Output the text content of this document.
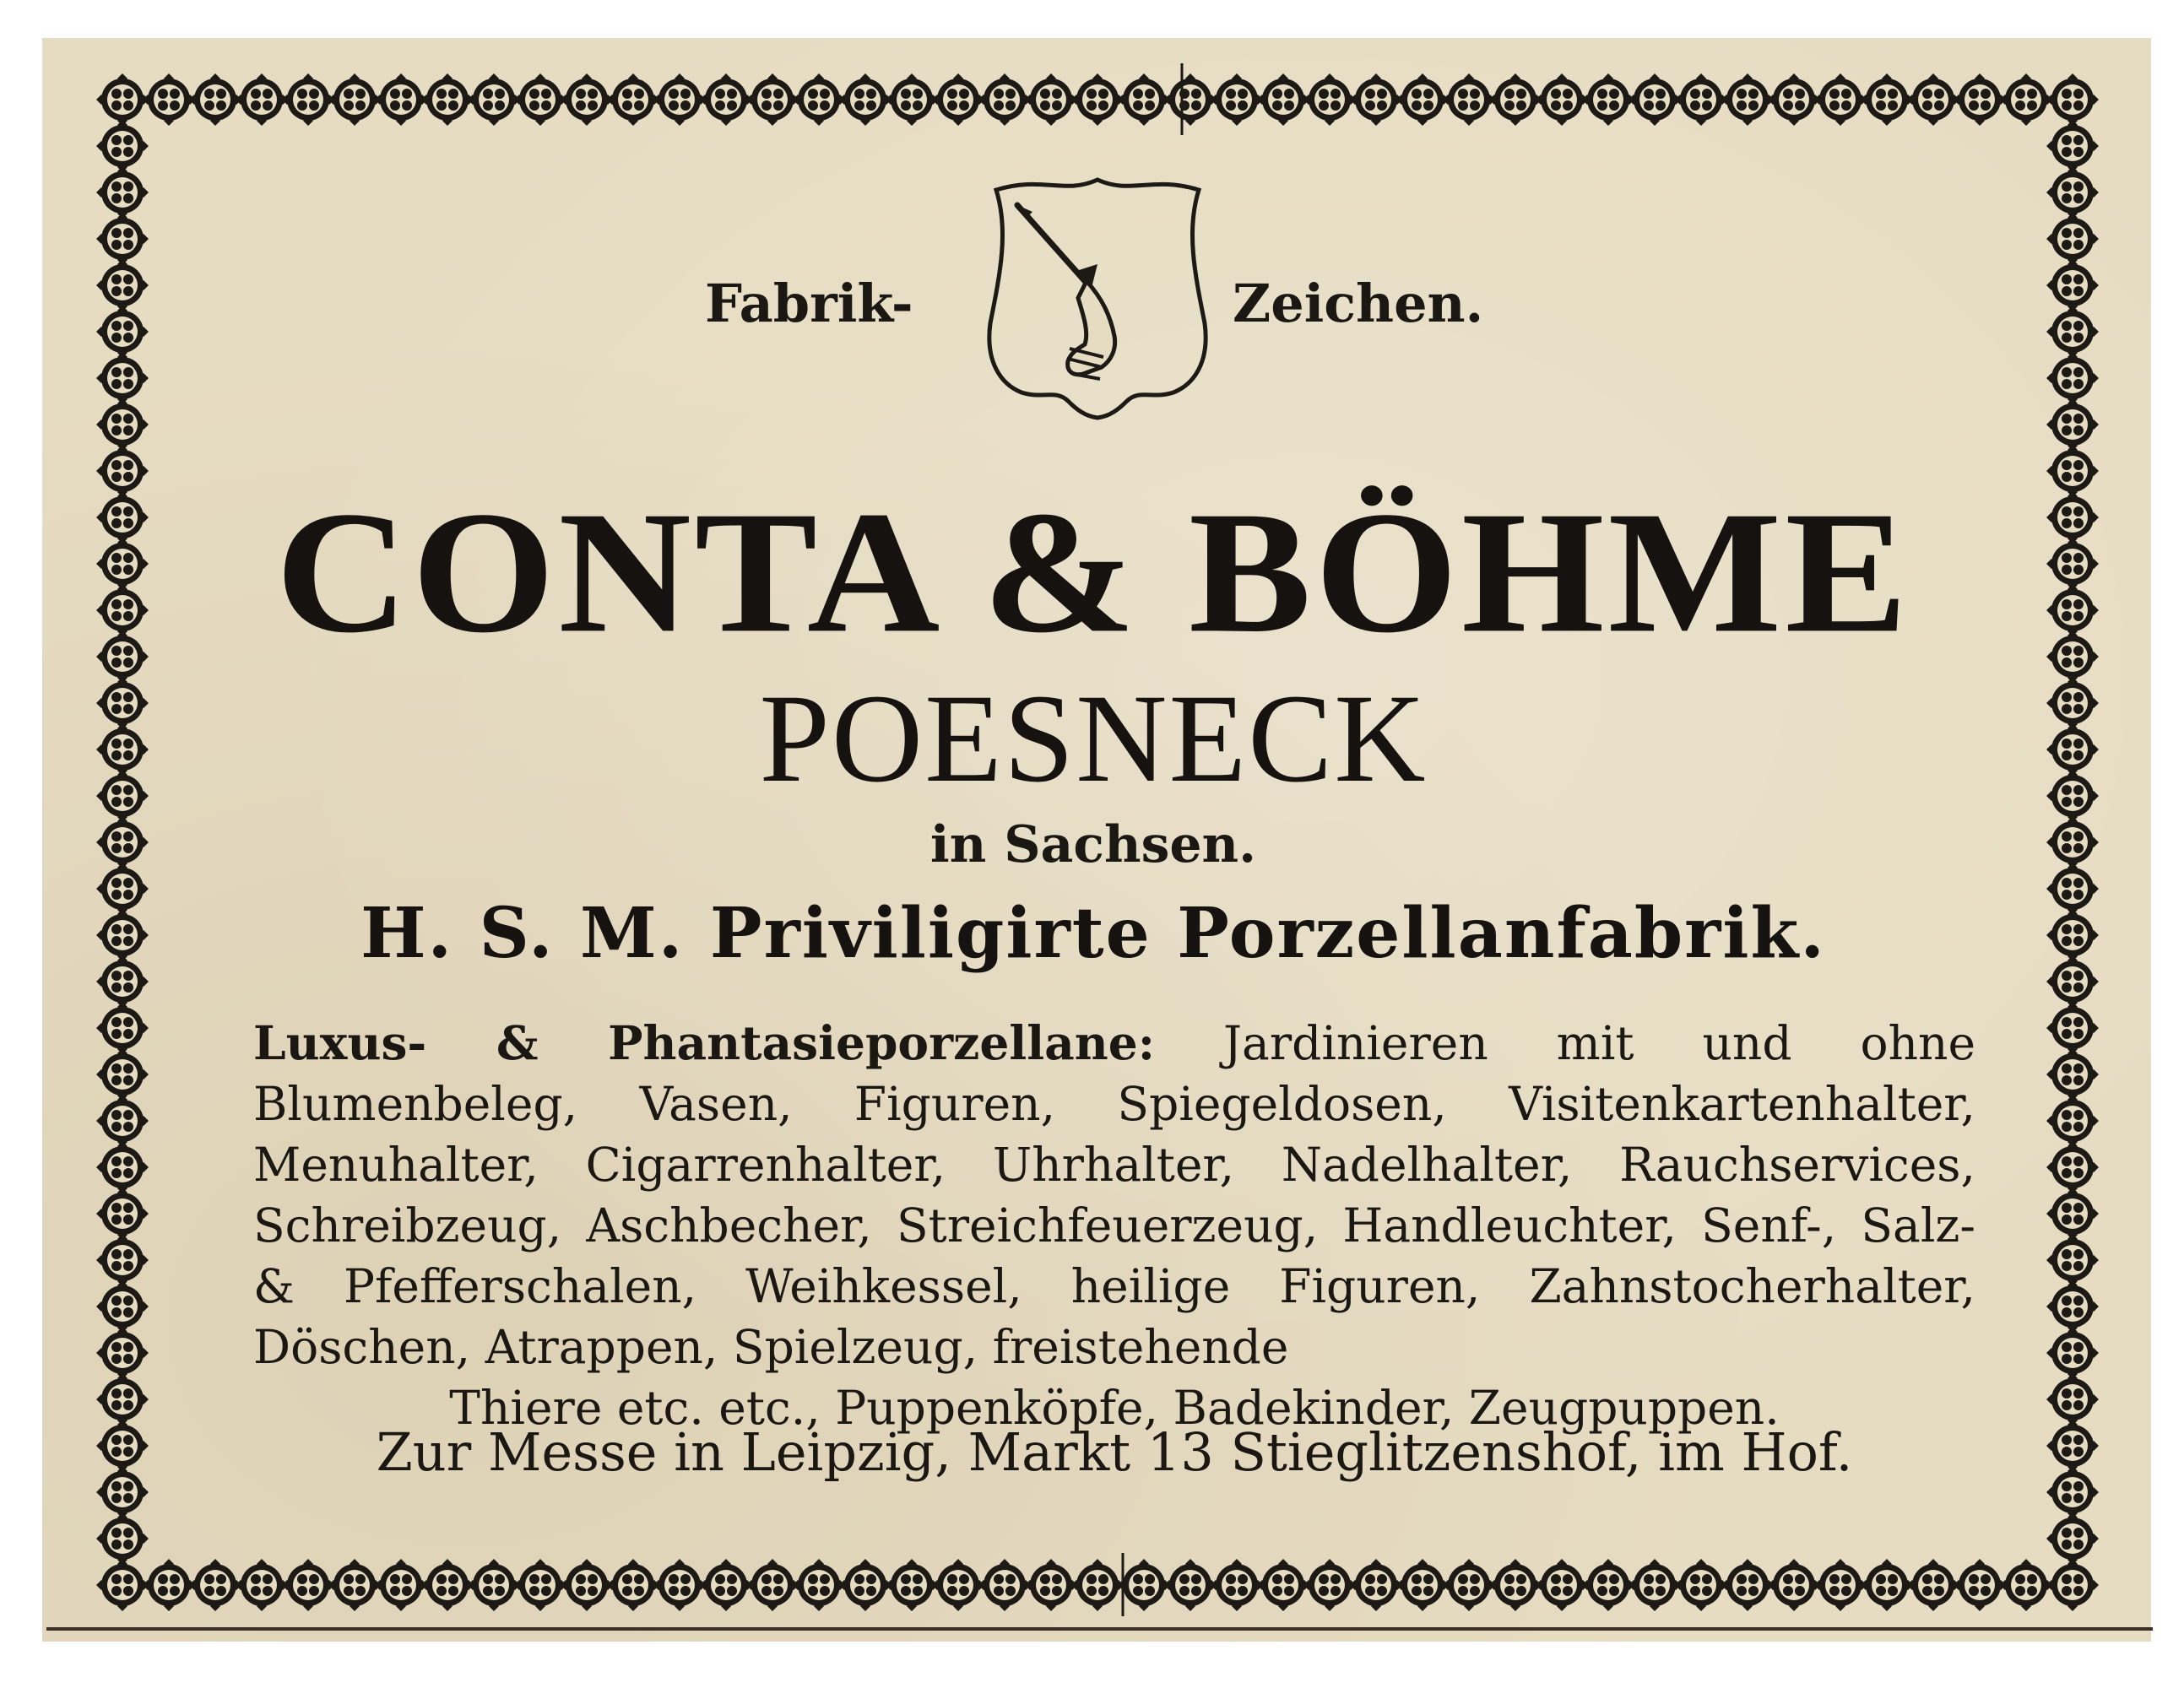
Fabrik-	Zeichen.
CONTA & BÖHME
POESNECK
in Sachsen.
H. S. M. Priviligirte Porzellanfabrik.
Luxus- & Phantasieporzellane: Jardinieren mit und ohne Blumenbeleg, Vasen, Figuren, Spiegeldosen, Visitenkartenhalter, Menuhalter, Cigarrenhalter, Uhrhalter, Nadelhalter, Rauchservices, Schreibzeug, Aschbecher, Streichfeuerzeug, Handleuchter, Senf-, Salz- & Pfefferschalen, Weihkessel, heilige Figuren, Zahnstocherhalter, Döschen, Atrappen, Spielzeug, freistehende
Thiere etc. etc., Puppenköpfe, Badekinder, Zeugpuppen.
Zur Messe in Leipzig, Markt 13 Stieglitzenshof, im Hof.
